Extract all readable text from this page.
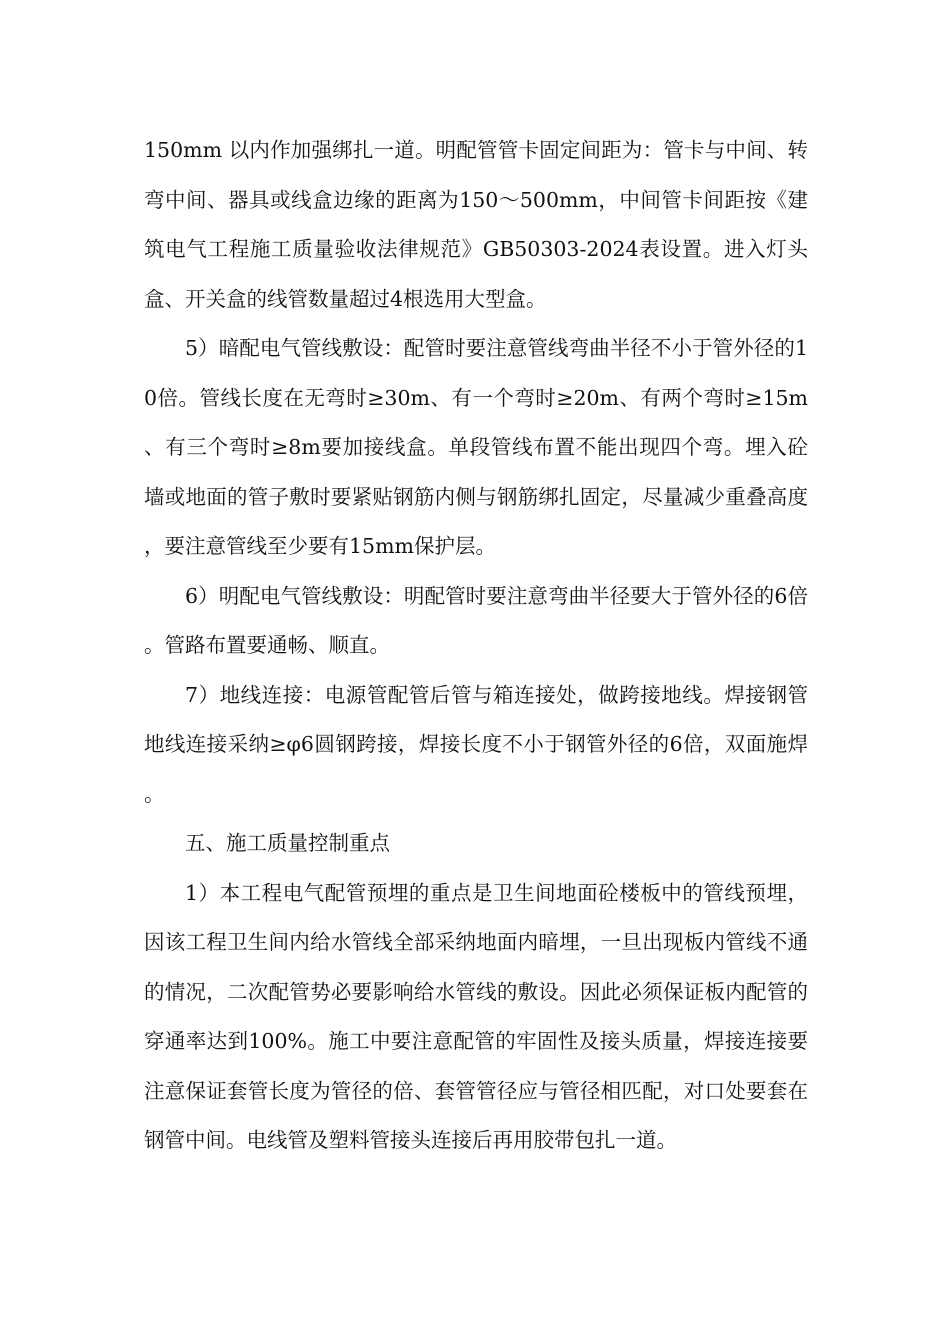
150mm 以内作加强绑扎一道。明配管管卡固定间距为：管卡与中间、转弯中间、器具或线盒边缘的距离为150～500mm，中间管卡间距按《建筑电气工程施工质量验收法律规范》GB50303-2024表设置。进入灯头盒、开关盒的线管数量超过4根选用大型盒。

5）暗配电气管线敷设：配管时要注意管线弯曲半径不小于管外径的10倍。管线长度在无弯时≥30m、有一个弯时≥20m、有两个弯时≥15m、有三个弯时≥8m要加接线盒。单段管线布置不能出现四个弯。埋入砼墙或地面的管子敷时要紧贴钢筋内侧与钢筋绑扎固定，尽量减少重叠高度，要注意管线至少要有15mm保护层。

6）明配电气管线敷设：明配管时要注意弯曲半径要大于管外径的6倍。管路布置要通畅、顺直。

7）地线连接：电源管配管后管与箱连接处，做跨接地线。焊接钢管地线连接采纳≥φ6圆钢跨接，焊接长度不小于钢管外径的6倍，双面施焊。

五、施工质量控制重点

1）本工程电气配管预埋的重点是卫生间地面砼楼板中的管线预埋，因该工程卫生间内给水管线全部采纳地面内暗埋，一旦出现板内管线不通的情况，二次配管势必要影响给水管线的敷设。因此必须保证板内配管的穿通率达到100%。施工中要注意配管的牢固性及接头质量，焊接连接要注意保证套管长度为管径的倍、套管管径应与管径相匹配，对口处要套在钢管中间。电线管及塑料管接头连接后再用胶带包扎一道。
